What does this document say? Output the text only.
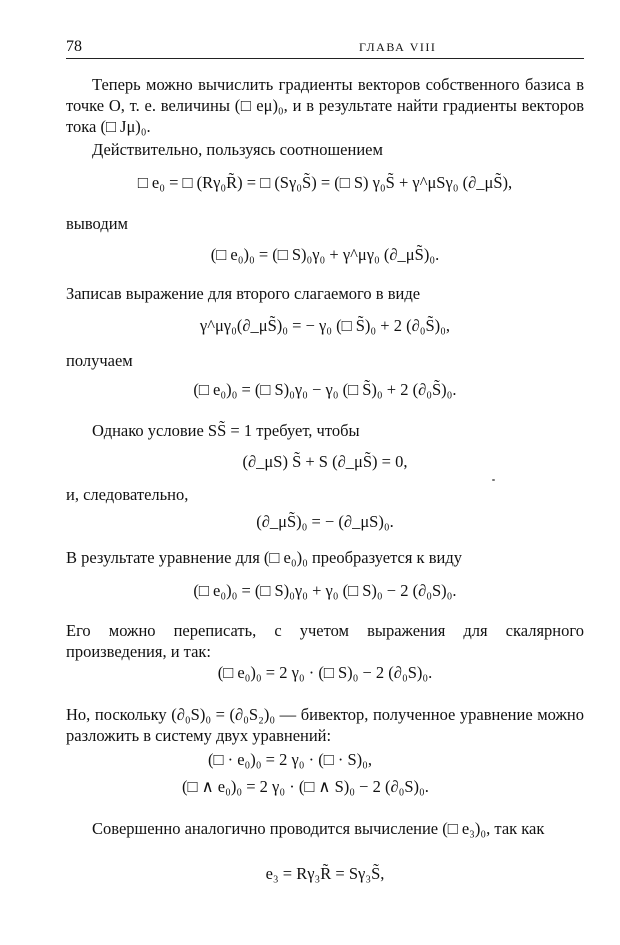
78	ГЛАВА VIII
Теперь можно вычислить градиенты векторов собственного базиса в точке O, т. е. величины (□ eμ)₀, и в результате найти градиенты векторов тока (□ Jμ)₀.
Действительно, пользуясь соотношением
□ e₀ = □ (Rγ₀R̃) = □ (Sγ₀S̃) = (□ S) γ₀S̃ + γ^μSγ₀ (∂_μS̃),
выводим
(□ e₀)₀ = (□ S)₀γ₀ + γ^μγ₀ (∂_μS̃)₀.
Записав выражение для второго слагаемого в виде
γ^μγ₀(∂_μS̃)₀ = − γ₀ (□ S̃)₀ + 2 (∂₀S̃)₀,
получаем
(□ e₀)₀ = (□ S)₀γ₀ − γ₀ (□ S̃)₀ + 2 (∂₀S̃)₀.
Однако условие SS̃ = 1 требует, чтобы
(∂_μS) S̃ + S (∂_μS̃) = 0,
и, следовательно,
(∂_μS̃)₀ = − (∂_μS)₀.
В результате уравнение для (□ e₀)₀ преобразуется к виду
(□ e₀)₀ = (□ S)₀γ₀ + γ₀ (□ S)₀ − 2 (∂₀S)₀.
Его можно переписать, с учетом выражения для скалярного произведения, и так:
(□ e₀)₀ = 2 γ₀ · (□ S)₀ − 2 (∂₀S)₀.
Но, поскольку (∂₀S)₀ = (∂₀S₂)₀ — бивектор, полученное уравнение можно разложить в систему двух уравнений:
(□ · e₀)₀ = 2 γ₀ · (□ · S)₀,
(□ ∧ e₀)₀ = 2 γ₀ · (□ ∧ S)₀ − 2 (∂₀S)₀.
Совершенно аналогично проводится вычисление (□ e₃)₀, так как
e₃ = Rγ₃R̃ = Sγ₃S̃,
